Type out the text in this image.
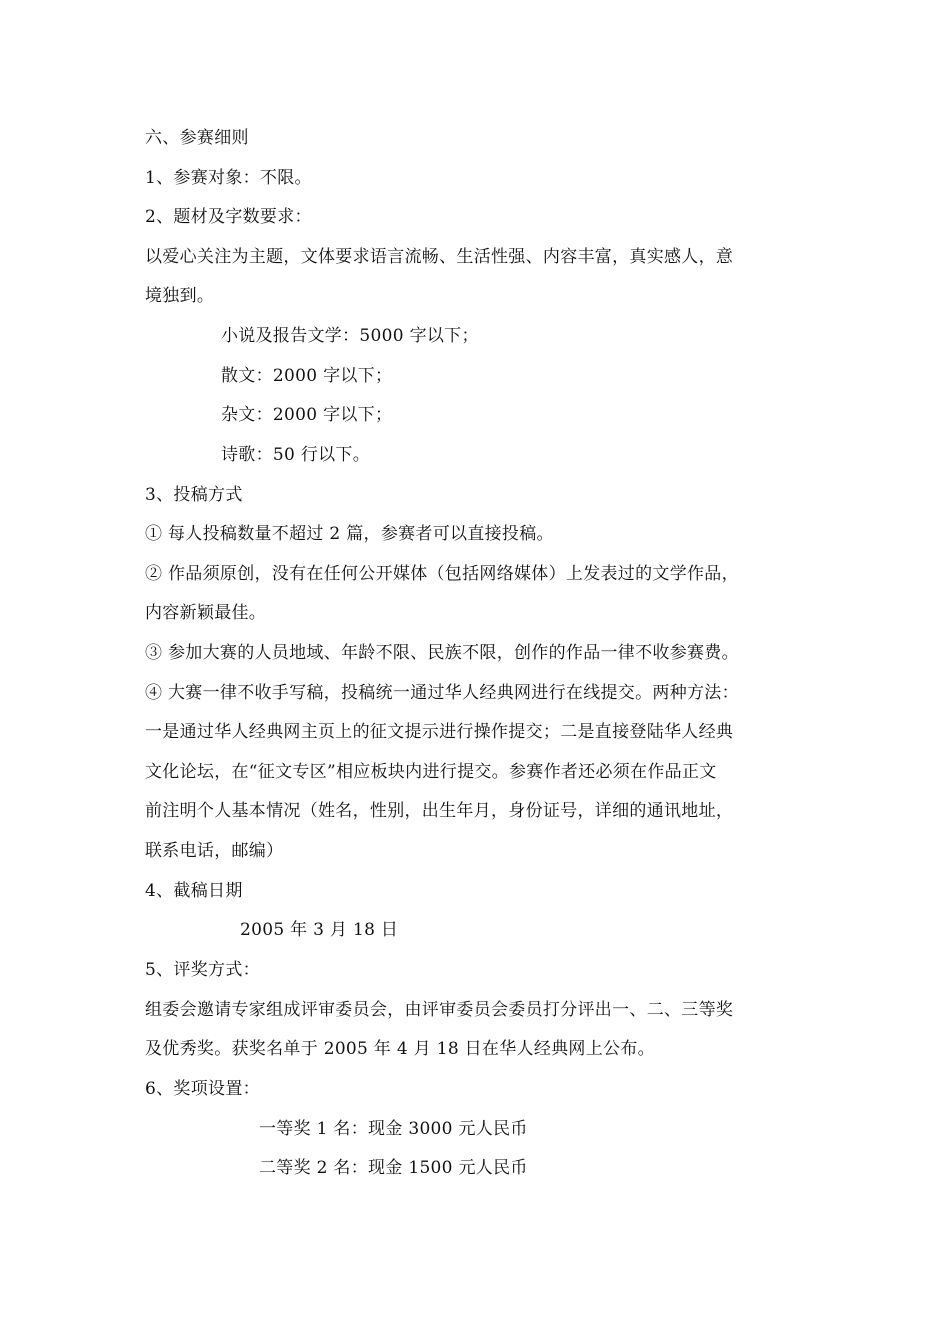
六、参赛细则
1、参赛对象：不限。
2、题材及字数要求：
以爱心关注为主题，文体要求语言流畅、生活性强、内容丰富，真实感人，意
境独到。
小说及报告文学：5000 字以下；
散文：2000 字以下；
杂文：2000 字以下；
诗歌：50 行以下。
3、投稿方式
① 每人投稿数量不超过 2 篇，参赛者可以直接投稿。
② 作品须原创，没有在任何公开媒体（包括网络媒体）上发表过的文学作品，
内容新颖最佳。
③ 参加大赛的人员地域、年龄不限、民族不限，创作的作品一律不收参赛费。
④ 大赛一律不收手写稿，投稿统一通过华人经典网进行在线提交。两种方法：
一是通过华人经典网主页上的征文提示进行操作提交；二是直接登陆华人经典
文化论坛，在“征文专区”相应板块内进行提交。参赛作者还必须在作品正文
前注明个人基本情况（姓名，性别，出生年月，身份证号，详细的通讯地址，
联系电话，邮编）
4、截稿日期
2005 年 3 月 18 日
5、评奖方式：
组委会邀请专家组成评审委员会，由评审委员会委员打分评出一、二、三等奖
及优秀奖。获奖名单于 2005 年 4 月 18 日在华人经典网上公布。
6、奖项设置：
一等奖 1 名：现金 3000 元人民币
二等奖 2 名：现金 1500 元人民币
